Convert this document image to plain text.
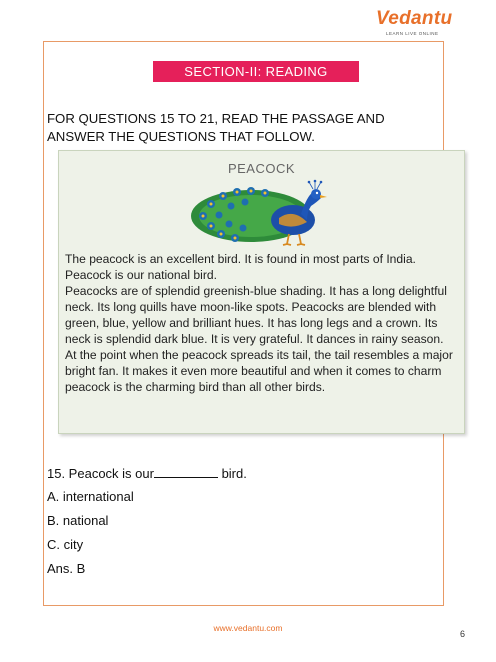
Vedantu
LEARN LIVE ONLINE
SECTION-II: READING
FOR QUESTIONS 15 TO 21, READ THE PASSAGE AND ANSWER THE QUESTIONS THAT FOLLOW.
PEACOCK
The peacock is an excellent bird. It is found in most parts of India. Peacock is our national bird.
Peacocks are of splendid greenish-blue shading. It has a long delightful neck. Its long quills have moon-like spots. Peacocks are blended with green, blue, yellow and brilliant hues. It has long legs and a crown. Its neck is splendid dark blue. It is very grateful. It dances in rainy season. At the point when the peacock spreads its tail, the tail resembles a major bright fan. It makes it even more beautiful and when it comes to charm peacock is the charming bird than all other birds.
15. Peacock is our	bird.
A. international
B. national
C. city
Ans. B
www.vedantu.com
6
